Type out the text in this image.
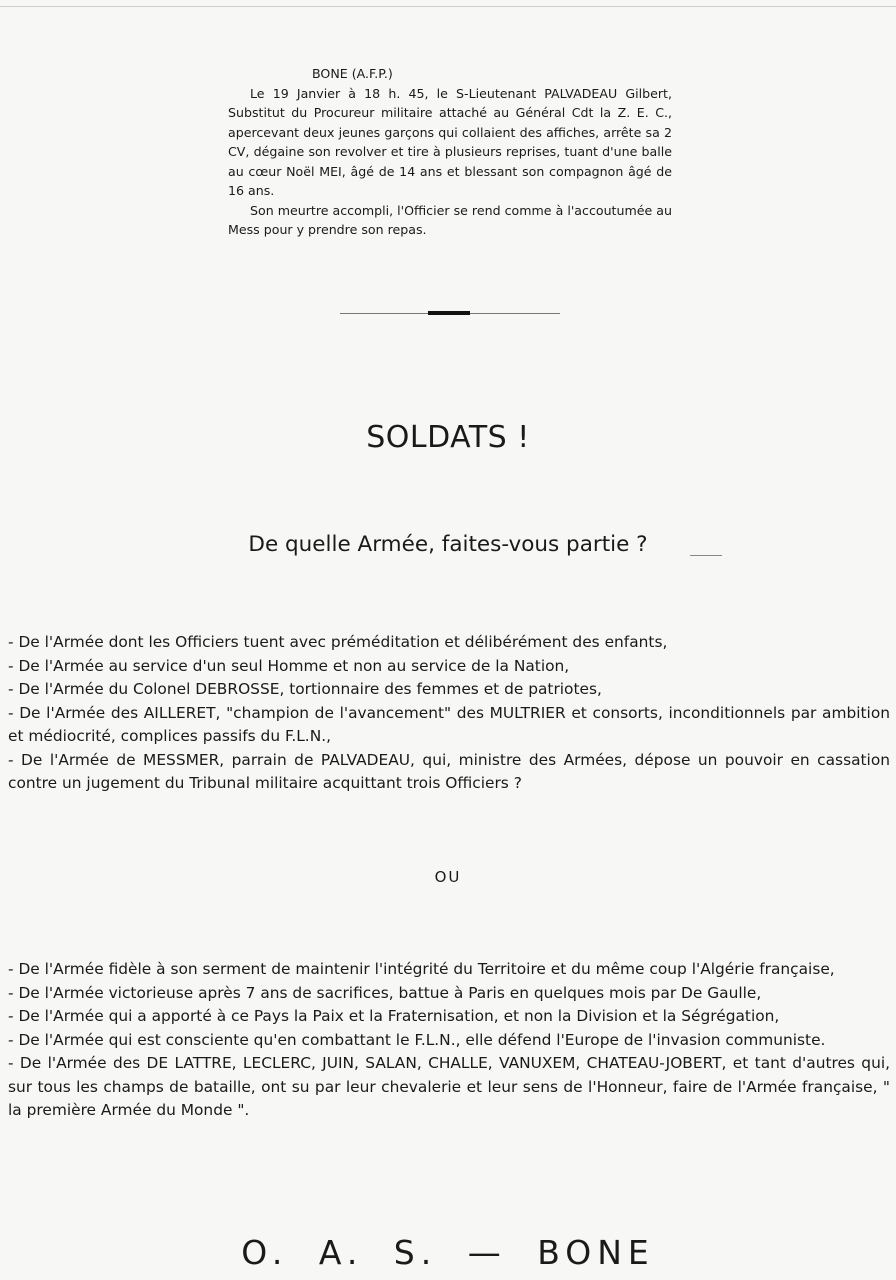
BONE (A.F.P.)

Le 19 Janvier à 18 h. 45, le S-Lieutenant PALVADEAU Gilbert, Substitut du Procureur militaire attaché au Général Cdt la Z. E. C., apercevant deux jeunes garçons qui collaient des affiches, arrête sa 2 CV, dégaine son revolver et tire à plusieurs reprises, tuant d'une balle au cœur Noël MEI, âgé de 14 ans et blessant son compagnon âgé de 16 ans.

Son meurtre accompli, l'Officier se rend comme à l'accoutumée au Mess pour y prendre son repas.

SOLDATS !
De quelle Armée, faites-vous partie ?

- De l'Armée dont les Officiers tuent avec préméditation et délibérément des enfants,

- De l'Armée au service d'un seul Homme et non au service de la Nation,

- De l'Armée du Colonel DEBROSSE, tortionnaire des femmes et de patriotes,

- De l'Armée des AILLERET, "champion de l'avancement" des MULTRIER et consorts, inconditionnels par ambition et médiocrité, complices passifs du F.L.N.,

- De l'Armée de MESSMER, parrain de PALVADEAU, qui, ministre des Armées, dépose un pouvoir en cassation contre un jugement du Tribunal militaire acquittant trois Officiers ?

OU

- De l'Armée fidèle à son serment de maintenir l'intégrité du Territoire et du même coup l'Algérie française,

- De l'Armée victorieuse après 7 ans de sacrifices, battue à Paris en quelques mois par De Gaulle,

- De l'Armée qui a apporté à ce Pays la Paix et la Fraternisation, et non la Division et la Ségrégation,

- De l'Armée qui est consciente qu'en combattant le F.L.N., elle défend l'Europe de l'invasion communiste.

- De l'Armée des DE LATTRE, LECLERC, JUIN, SALAN, CHALLE, VANUXEM, CHATEAU-JOBERT, et tant d'autres qui, sur tous les champs de bataille, ont su par leur chevalerie et leur sens de l'Honneur, faire de l'Armée française, " la première Armée du Monde ".

O. A. S. — BONE
